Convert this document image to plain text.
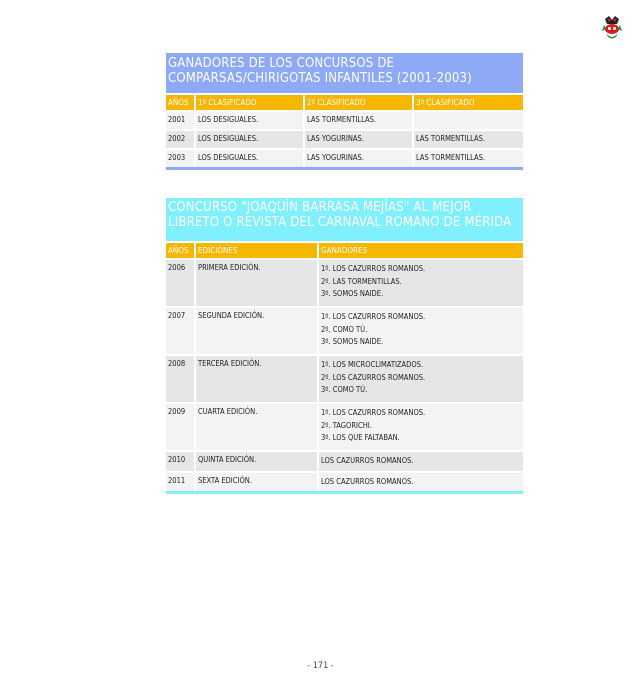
GANADORES DE LOS CONCURSOS DE COMPARSAS/CHIRIGOTAS INFANTILES (2001-2003)
AÑOS	1º CLASIFICADO	2º CLASIFICADO	3º CLASIFICADO
2001	LOS DESIGUALES.	LAS TORMENTILLAS.	
2002	LOS DESIGUALES.	LAS YOGURINAS.	LAS TORMENTILLAS.
2003	LOS DESIGUALES.	LAS YOGURINAS.	LAS TORMENTILLAS.
CONCURSO "JOAQUÍN BARRASA MEJÍAS" AL MEJOR LIBRETO O REVISTA DEL CARNAVAL ROMANO DE MÉRIDA
AÑOS	EDICIONES	GANADORES
2006	PRIMERA EDICIÓN.	1º. LOS CAZURROS ROMANOS.
2º. LAS TORMENTILLAS.
3º. SOMOS NAIDE.

2007	SEGUNDA EDICIÓN.	1º. LOS CAZURROS ROMANOS.
2º. COMO TÚ.
3º. SOMOS NAIDE.

2008	TERCERA EDICIÓN.	1º. LOS MICROCLIMATIZADOS.
2º. LOS CAZURROS ROMANOS.
3º. COMO TÚ.

2009	CUARTA EDICIÓN.	1º. LOS CAZURROS ROMANOS.
2º. TAGORICHI.
3º. LOS QUE FALTABAN.

2010	QUINTA EDICIÓN.	LOS CAZURROS ROMANOS.

2011	SEXTA EDICIÓN.	LOS CAZURROS ROMANOS.
- 171 -
